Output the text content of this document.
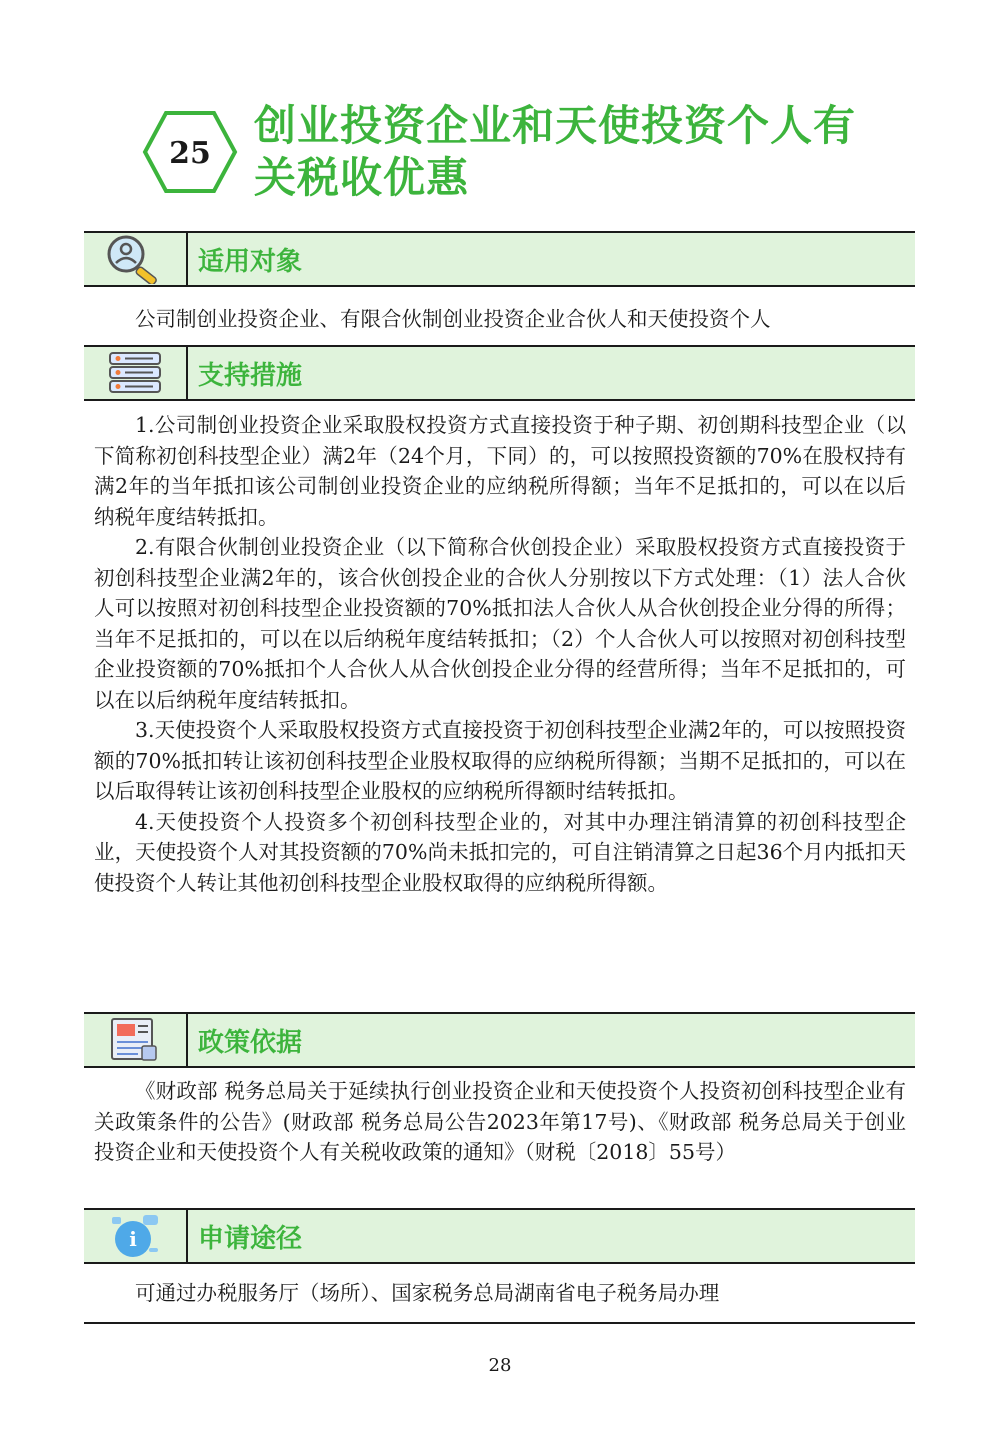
25
创业投资企业和天使投资个人有
关税收优惠
适用对象
公司制创业投资企业、有限合伙制创业投资企业合伙人和天使投资个人
支持措施

1.公司制创业投资企业采取股权投资方式直接投资于种子期、初创期科技型企业（以下简称初创科技型企业）满2年（24个月，下同）的，可以按照投资额的70%在股权持有满2年的当年抵扣该公司制创业投资企业的应纳税所得额；当年不足抵扣的，可以在以后纳税年度结转抵扣。

2.有限合伙制创业投资企业（以下简称合伙创投企业）采取股权投资方式直接投资于初创科技型企业满2年的，该合伙创投企业的合伙人分别按以下方式处理：（1）法人合伙人可以按照对初创科技型企业投资额的70%抵扣法人合伙人从合伙创投企业分得的所得；当年不足抵扣的，可以在以后纳税年度结转抵扣；（2）个人合伙人可以按照对初创科技型企业投资额的70%抵扣个人合伙人从合伙创投企业分得的经营所得；当年不足抵扣的，可以在以后纳税年度结转抵扣。

3.天使投资个人采取股权投资方式直接投资于初创科技型企业满2年的，可以按照投资额的70%抵扣转让该初创科技型企业股权取得的应纳税所得额；当期不足抵扣的，可以在以后取得转让该初创科技型企业股权的应纳税所得额时结转抵扣。

4.天使投资个人投资多个初创科技型企业的，对其中办理注销清算的初创科技型企业，天使投资个人对其投资额的70%尚未抵扣完的，可自注销清算之日起36个月内抵扣天使投资个人转让其他初创科技型企业股权取得的应纳税所得额。

政策依据

《财政部 税务总局关于延续执行创业投资企业和天使投资个人投资初创科技型企业有关政策条件的公告》(财政部 税务总局公告2023年第17号)、《财政部 税务总局关于创业投资企业和天使投资个人有关税收政策的通知》（财税〔2018〕55号）

i 申请途径
可通过办税服务厅（场所）、国家税务总局湖南省电子税务局办理
28
